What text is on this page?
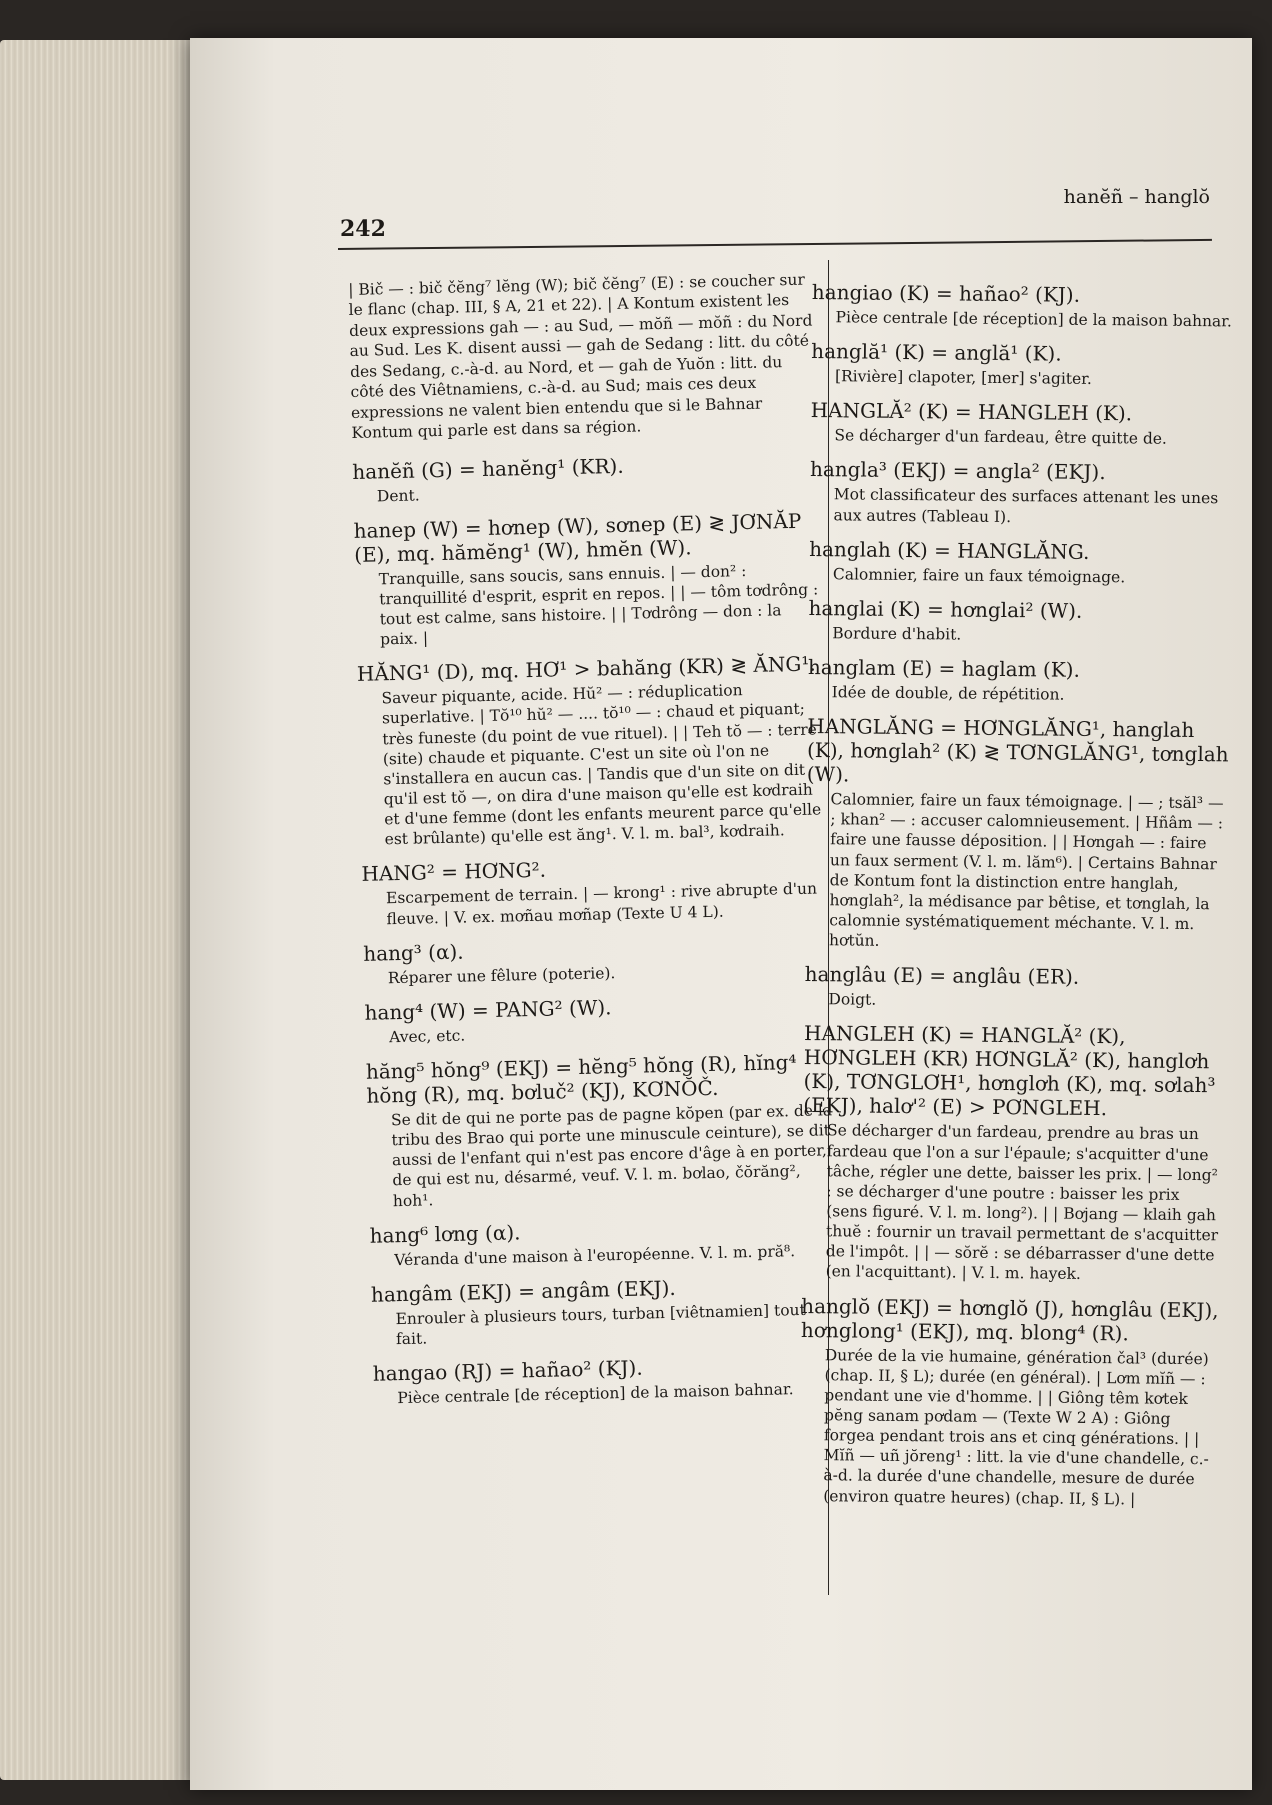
hanĕñ – hanglŏ
242
| Bič — : bič čĕng⁷ lĕng (W); bič čĕng⁷ (E) : se coucher sur le flanc (chap. III, § A, 21 et 22). | A Kontum existent les deux expressions gah — : au Sud, — mŏñ — mŏñ : du Nord au Sud. Les K. disent aussi — gah de Sedang : litt. du côté des Sedang, c.-à-d. au Nord, et — gah de Yuŏn : litt. du côté des Viêtnamiens, c.-à-d. au Sud; mais ces deux expressions ne valent bien entendu que si le Bahnar Kontum qui parle est dans sa région.
hanĕñ (G) = hanĕng¹ (KR).
Dent.
hanep (W) = hơnep (W), sơnep (E) ≷ JƠNĂP (E), mq. hămĕng¹ (W), hmĕn (W).
Tranquille, sans soucis, sans ennuis. | — don² : tranquillité d'esprit, esprit en repos. | | — tôm tơdrông : tout est calme, sans histoire. | | Tơdrông — don : la paix. |
HĂNG¹ (D), mq. HƠ¹ > bahăng (KR) ≷ ĂNG¹.
Saveur piquante, acide. Hŭ² — : réduplication superlative. | Tŏ¹⁰ hŭ² — .... tŏ¹⁰ — : chaud et piquant; très funeste (du point de vue rituel). | | Teh tŏ — : terre (site) chaude et piquante. C'est un site où l'on ne s'installera en aucun cas. | Tandis que d'un site on dit qu'il est tŏ —, on dira d'une maison qu'elle est kơdraih et d'une femme (dont les enfants meurent parce qu'elle est brûlante) qu'elle est ăng¹. V. l. m. bal³, kơdraih.
HANG² = HƠNG².
Escarpement de terrain. | — krong¹ : rive abrupte d'un fleuve. | V. ex. mơñau mơñap (Texte U 4 L).
hang³ (α).
Réparer une fêlure (poterie).
hang⁴ (W) = PANG² (W).
Avec, etc.
hăng⁵ hŏng⁹ (EKJ) = hĕng⁵ hŏng (R), hĭng⁴ hŏng (R), mq. bơluč² (KJ), KƠNŎČ.
Se dit de qui ne porte pas de pagne kŏpen (par ex. de la tribu des Brao qui porte une minuscule ceinture), se dit aussi de l'enfant qui n'est pas encore d'âge à en porter, de qui est nu, désarmé, veuf. V. l. m. bơlao, čŏrăng², hoh¹.
hang⁶ lơng (α).
Véranda d'une maison à l'européenne. V. l. m. pră⁸.
hangâm (EKJ) = angâm (EKJ).
Enrouler à plusieurs tours, turban [viêtnamien] tout fait.
hangao (RJ) = hañao² (KJ).
Pièce centrale [de réception] de la maison bahnar.
hangiao (K) = hañao² (KJ).
Pièce centrale [de réception] de la maison bahnar.
hanglă¹ (K) = anglă¹ (K).
[Rivière] clapoter, [mer] s'agiter.
HANGLĂ² (K) = HANGLEH (K).
Se décharger d'un fardeau, être quitte de.
hangla³ (EKJ) = angla² (EKJ).
Mot classificateur des surfaces attenant les unes aux autres (Tableau I).
hanglah (K) = HANGLĂNG.
Calomnier, faire un faux témoignage.
hanglai (K) = hơnglai² (W).
Bordure d'habit.
hanglam (E) = haglam (K).
Idée de double, de répétition.
HANGLĂNG = HƠNGLĂNG¹, hanglah (K), hơnglah² (K) ≷ TƠNGLĂNG¹, tơnglah (W).
Calomnier, faire un faux témoignage. | — ; tsăl³ — ; khan² — : accuser calomnieusement. | Hñâm — : faire une fausse déposition. | | Hơngah — : faire un faux serment (V. l. m. lăm⁶). | Certains Bahnar de Kontum font la distinction entre hanglah, hơnglah², la médisance par bêtise, et tơnglah, la calomnie systématiquement méchante. V. l. m. hơtŭn.
hanglâu (E) = anglâu (ER).
Doigt.
HANGLEH (K) = HANGLĂ² (K), HƠNGLEH (KR) HƠNGLĂ² (K), hanglơh (K), TƠNGLƠH¹, hơnglơh (K), mq. sơlah³ (EKJ), halơ'² (E) > PƠNGLEH.
Se décharger d'un fardeau, prendre au bras un fardeau que l'on a sur l'épaule; s'acquitter d'une tâche, régler une dette, baisser les prix. | — long² : se décharger d'une poutre : baisser les prix (sens figuré. V. l. m. long²). | | Bơjang — klaih gah thuĕ : fournir un travail permettant de s'acquitter de l'impôt. | | — sŏrĕ : se débarrasser d'une dette (en l'acquittant). | V. l. m. hayek.
hanglŏ (EKJ) = hơnglŏ (J), hơnglâu (EKJ), hơnglong¹ (EKJ), mq. blong⁴ (R).
Durée de la vie humaine, génération čal³ (durée) (chap. II, § L); durée (en général). | Lơm mĭñ — : pendant une vie d'homme. | | Giông têm kơtek pĕng sanam pơdam — (Texte W 2 A) : Giông forgea pendant trois ans et cinq générations. | | Mĭñ — uñ jŏreng¹ : litt. la vie d'une chandelle, c.-à-d. la durée d'une chandelle, mesure de durée (environ quatre heures) (chap. II, § L). |
